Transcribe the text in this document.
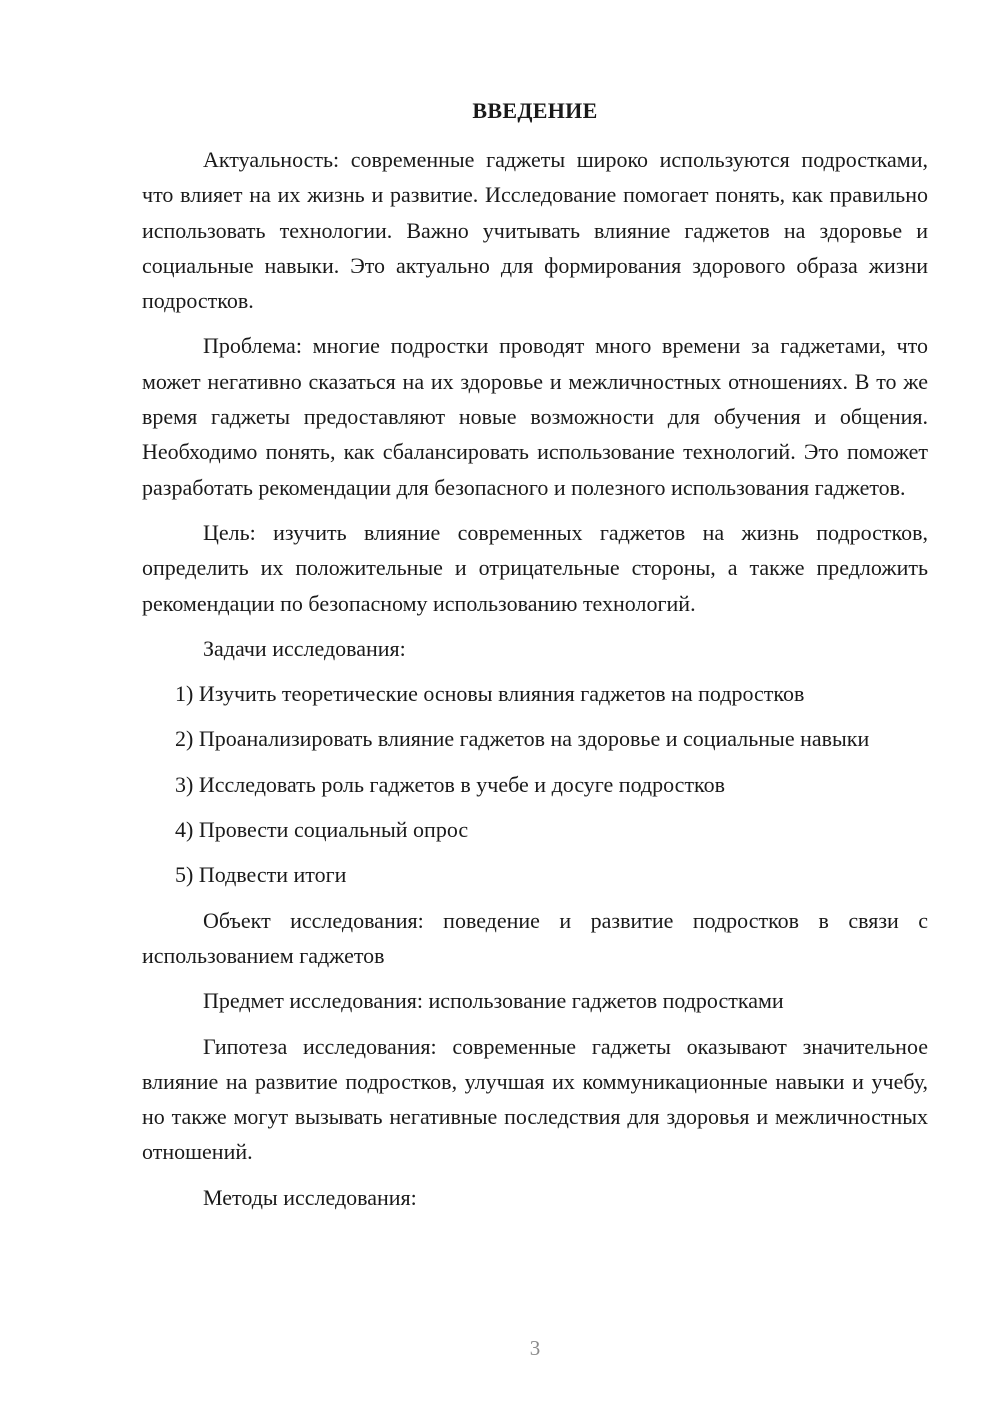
ВВЕДЕНИЕ

Актуальность: современные гаджеты широко используются подростками, что влияет на их жизнь и развитие. Исследование помогает понять, как правильно использовать технологии. Важно учитывать влияние гаджетов на здоровье и социальные навыки. Это актуально для формирования здорового образа жизни подростков.

Проблема: многие подростки проводят много времени за гаджетами, что может негативно сказаться на их здоровье и межличностных отношениях. В то же время гаджеты предоставляют новые возможности для обучения и общения. Необходимо понять, как сбалансировать использование технологий. Это поможет разработать рекомендации для безопасного и полезного использования гаджетов.

Цель: изучить влияние современных гаджетов на жизнь подростков, определить их положительные и отрицательные стороны, а также предложить рекомендации по безопасному использованию технологий.

Задачи исследования:

1) Изучить теоретические основы влияния гаджетов на подростков

2) Проанализировать влияние гаджетов на здоровье и социальные навыки

3) Исследовать роль гаджетов в учебе и досуге подростков

4) Провести социальный опрос

5) Подвести итоги

Объект исследования: поведение и развитие подростков в связи с использованием гаджетов

Предмет исследования: использование гаджетов подростками

Гипотеза исследования: современные гаджеты оказывают значительное влияние на развитие подростков, улучшая их коммуникационные навыки и учебу, но также могут вызывать негативные последствия для здоровья и межличностных отношений.

Методы исследования:

3
